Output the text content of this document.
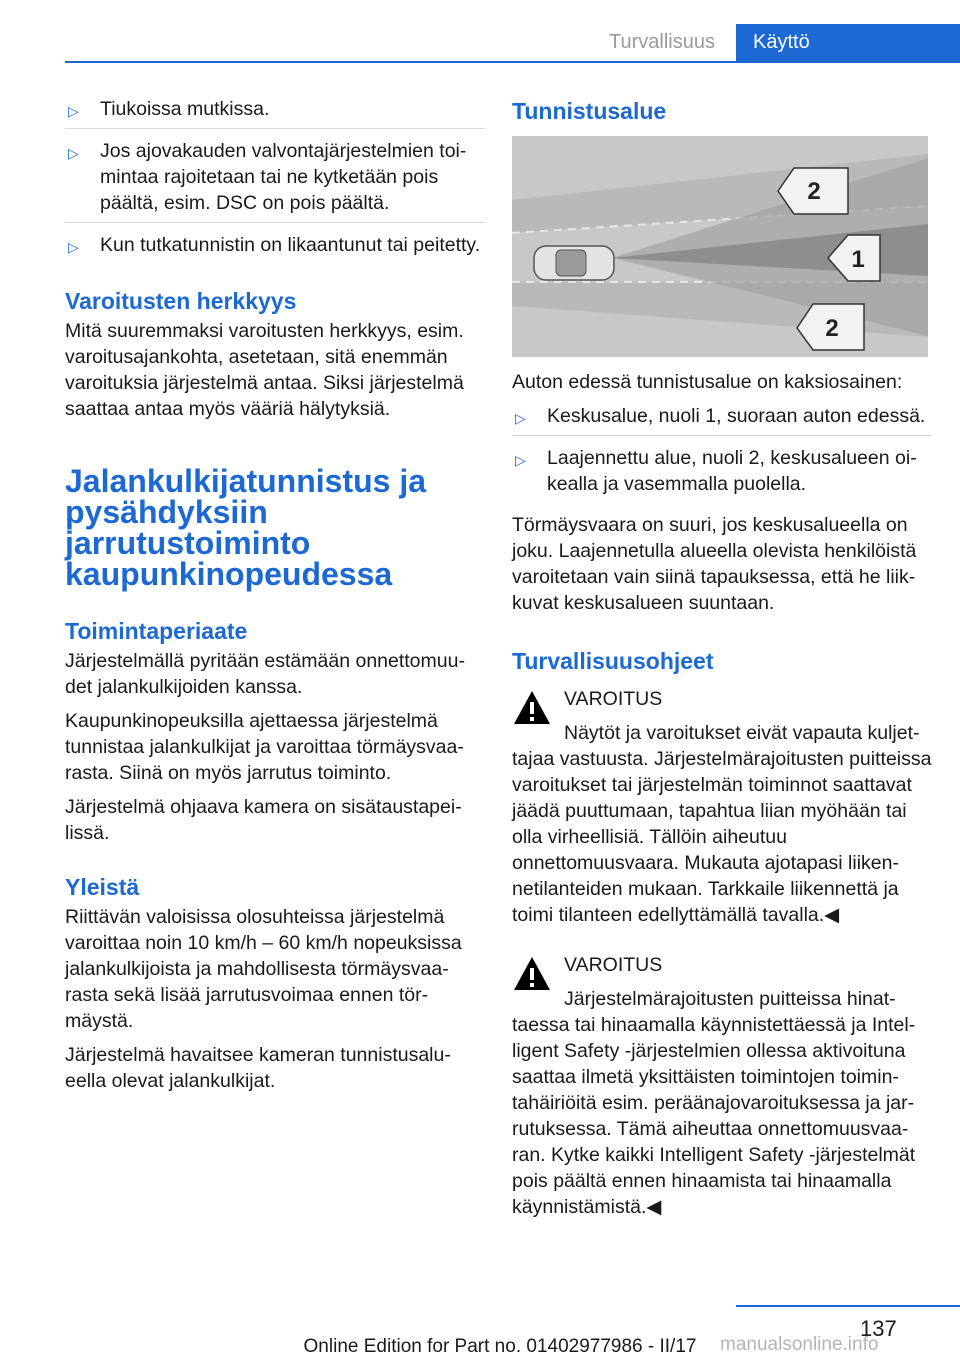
Turvallisuus	Käyttö
▷ Tiukoissa mutkissa.
▷ Jos ajovakauden valvontajärjestelmien toimintaa rajoitetaan tai ne kytketään pois päältä, esim. DSC on pois päältä.
▷ Kun tutkatunnistin on likaantunut tai peitetty.
Varoitusten herkkyys

Mitä suuremmaksi varoitusten herkkyys, esim. varoitusajankohta, asetetaan, sitä enemmän varoituksia järjestelmä antaa. Siksi järjestelmä saattaa antaa myös vääriä hälytyksiä.

Jalankulkijatunnistus ja pysähdyksiin jarrutustoiminto kaupunkinopeudessa
Toimintaperiaate

Järjestelmällä pyritään estämään onnettomuudet jalankulkijoiden kanssa.

Kaupunkinopeuksilla ajettaessa järjestelmä tunnistaa jalankulkijat ja varoittaa törmäysvaarasta. Siinä on myös jarrutus toiminto.

Järjestelmä ohjaava kamera on sisätaustapeilissä.

Yleistä

Riittävän valoisissa olosuhteissa järjestelmä varoittaa noin 10 km/h – 60 km/h nopeuksissa jalankulkijoista ja mahdollisesta törmäysvaarasta sekä lisää jarrutusvoimaa ennen törmäystä.

Järjestelmä havaitsee kameran tunnistusalueella olevat jalankulkijat.

Tunnistusalue
2
1
2

Auton edessä tunnistusalue on kaksiosainen:

▷ Keskusalue, nuoli 1, suoraan auton edessä.
▷ Laajennettu alue, nuoli 2, keskusalueen oikealla ja vasemmalla puolella.

Törmäysvaara on suuri, jos keskusalueella on joku. Laajennetulla alueella olevista henkilöistä varoitetaan vain siinä tapauksessa, että he liikkuvat keskusalueen suuntaan.

Turvallisuusohjeet
VAROITUS

Näytöt ja varoitukset eivät vapauta kuljettajaa vastuusta. Järjestelmärajoitusten puitteissa varoitukset tai järjestelmän toiminnot saattavat jäädä puuttumaan, tapahtua liian myöhään tai olla virheellisiä. Tällöin aiheutuu onnettomuusvaara. Mukauta ajotapasi liikennetilanteiden mukaan. Tarkkaile liikennettä ja toimi tilanteen edellyttämällä tavalla.◀

VAROITUS

Järjestelmärajoitusten puitteissa hinattaessa tai hinaamalla käynnistettäessä ja Intelligent Safety -järjestelmien ollessa aktivoituna saattaa ilmetä yksittäisten toimintojen toimintahäiriöitä esim. peräänajovaroituksessa ja jarrutuksessa. Tämä aiheuttaa onnettomuusvaaran. Kytke kaikki Intelligent Safety -järjestelmät pois päältä ennen hinaamista tai hinaamalla käynnistämistä.◀

137
Online Edition for Part no. 01402977986 - II/17 manualsonline.info
